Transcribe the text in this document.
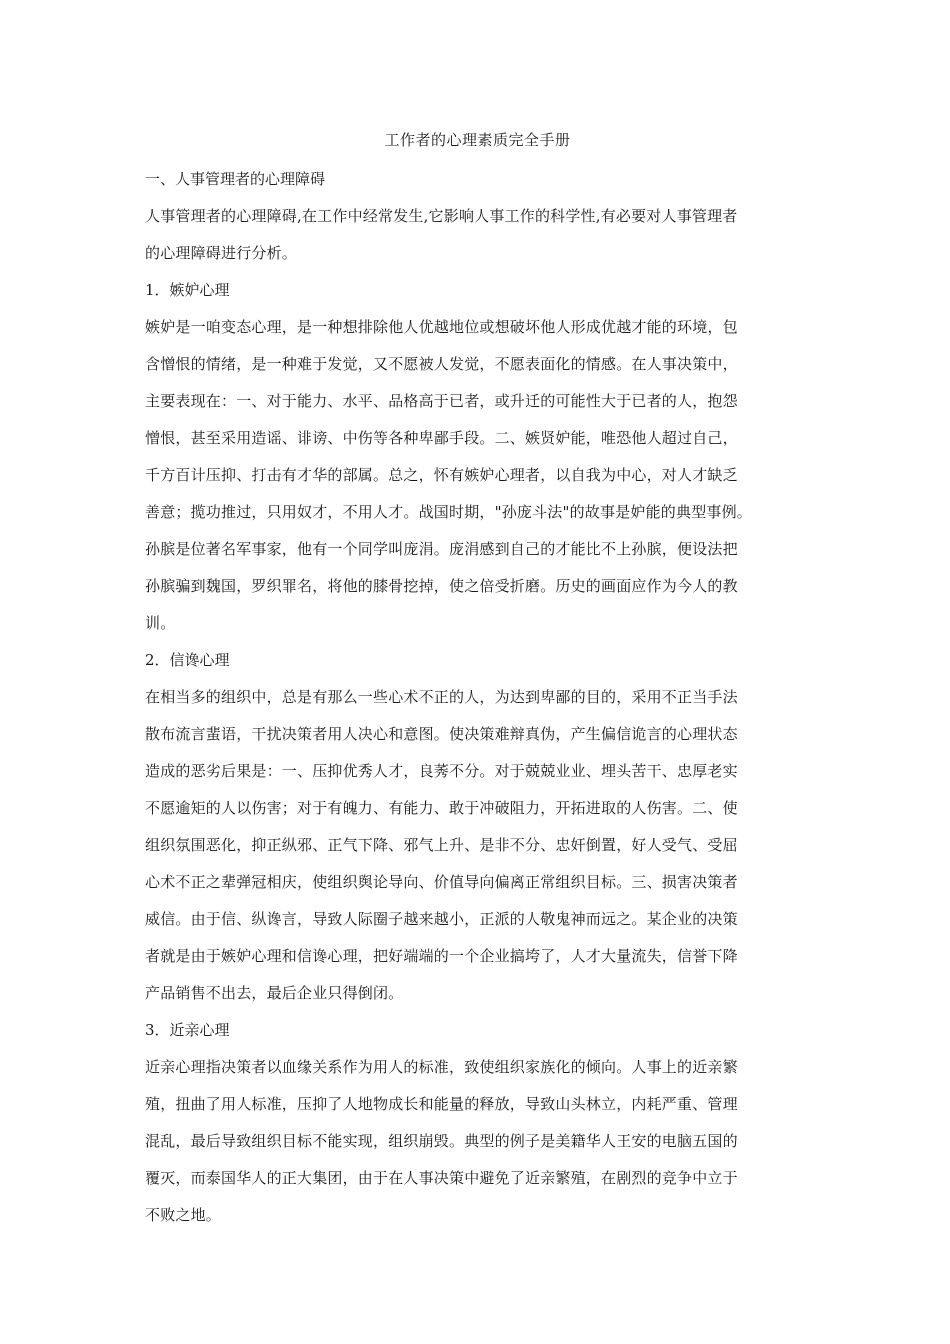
工作者的心理素质完全手册

一、人事管理者的心理障碍

人事管理者的心理障碍,在工作中经常发生,它影响人事工作的科学性,有必要对人事管理者

的心理障碍进行分析。

1．嫉妒心理

嫉妒是一咱变态心理，是一种想排除他人优越地位或想破坏他人形成优越才能的环境，包

含憎恨的情绪，是一种难于发觉，又不愿被人发觉，不愿表面化的情感。在人事决策中，

主要表现在：一、对于能力、水平、品格高于已者，或升迁的可能性大于已者的人，抱怨

憎恨，甚至采用造谣、诽谤、中伤等各种卑鄙手段。二、嫉贤妒能，唯恐他人超过自己，

千方百计压抑、打击有才华的部属。总之，怀有嫉妒心理者，以自我为中心，对人才缺乏

善意；揽功推过，只用奴才，不用人才。战国时期，"孙庞斗法"的故事是妒能的典型事例。

孙膑是位著名军事家，他有一个同学叫庞涓。庞涓感到自己的才能比不上孙膑，便设法把

孙膑骗到魏国，罗织罪名，将他的膝骨挖掉，使之倍受折磨。历史的画面应作为今人的教

训。

2．信谗心理

在相当多的组织中，总是有那么一些心术不正的人，为达到卑鄙的目的，采用不正当手法

散布流言蜚语，干扰决策者用人决心和意图。使决策难辩真伪，产生偏信诡言的心理状态

造成的恶劣后果是：一、压抑优秀人才，良莠不分。对于兢兢业业、埋头苦干、忠厚老实

不愿逾矩的人以伤害；对于有魄力、有能力、敢于冲破阻力，开拓进取的人伤害。二、使

组织氛围恶化，抑正纵邪、正气下降、邪气上升、是非不分、忠奸倒置，好人受气、受屈

心术不正之辈弹冠相庆，使组织舆论导向、价值导向偏离正常组织目标。三、损害决策者

威信。由于信、纵谗言，导致人际圈子越来越小，正派的人敬鬼神而远之。某企业的决策

者就是由于嫉妒心理和信谗心理，把好端端的一个企业搞垮了，人才大量流失，信誉下降

产品销售不出去，最后企业只得倒闭。

3．近亲心理

近亲心理指决策者以血缘关系作为用人的标准，致使组织家族化的倾向。人事上的近亲繁

殖，扭曲了用人标准，压抑了人地物成长和能量的释放，导致山头林立，内耗严重、管理

混乱，最后导致组织目标不能实现，组织崩毁。典型的例子是美籍华人王安的电脑五国的

覆灭，而泰国华人的正大集团，由于在人事决策中避免了近亲繁殖，在剧烈的竞争中立于

不败之地。
